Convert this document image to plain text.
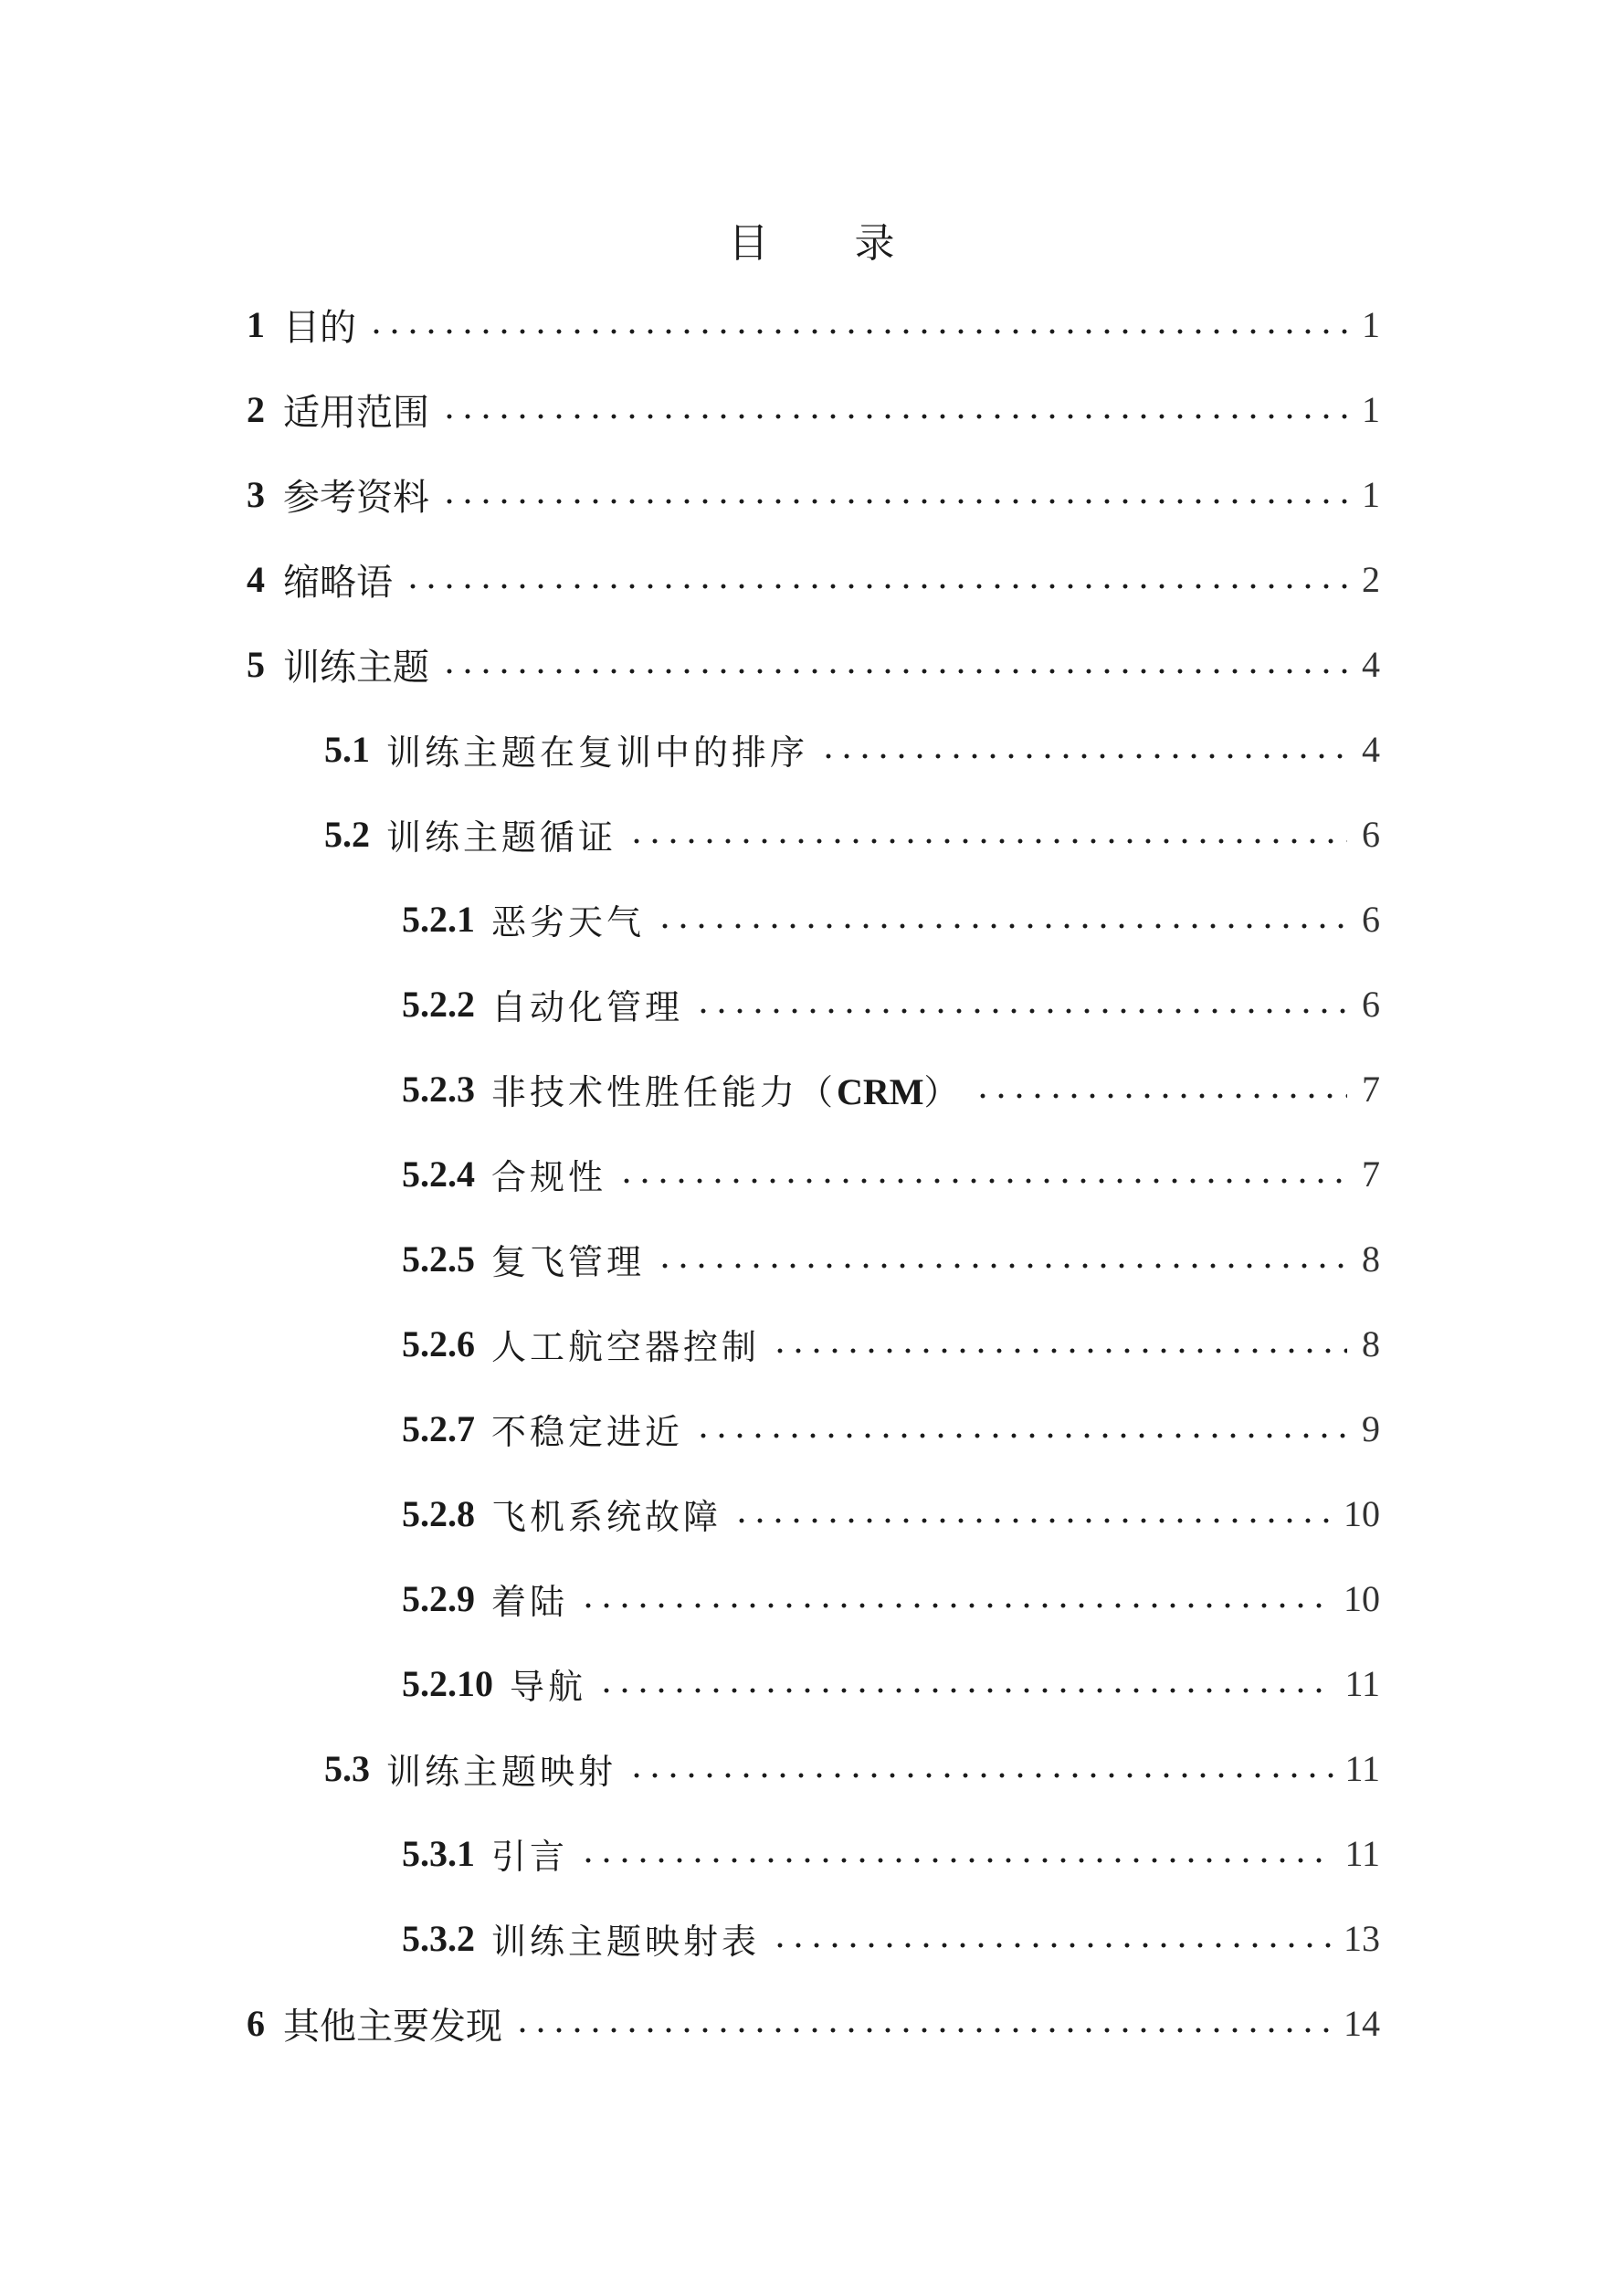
目 录
1 目的	1
2 适用范围	1
3 参考资料	1
4 缩略语	2
5 训练主题	4
5.1 训练主题在复训中的排序	4
5.2 训练主题循证	6
5.2.1 恶劣天气	6
5.2.2 自动化管理	6
5.2.3 非技术性胜任能力（CRM）	7
5.2.4 合规性	7
5.2.5 复飞管理	8
5.2.6 人工航空器控制	8
5.2.7 不稳定进近	9
5.2.8 飞机系统故障	10
5.2.9 着陆	10
5.2.10 导航	11
5.3 训练主题映射	11
5.3.1 引言	11
5.3.2 训练主题映射表	13
6 其他主要发现	14
